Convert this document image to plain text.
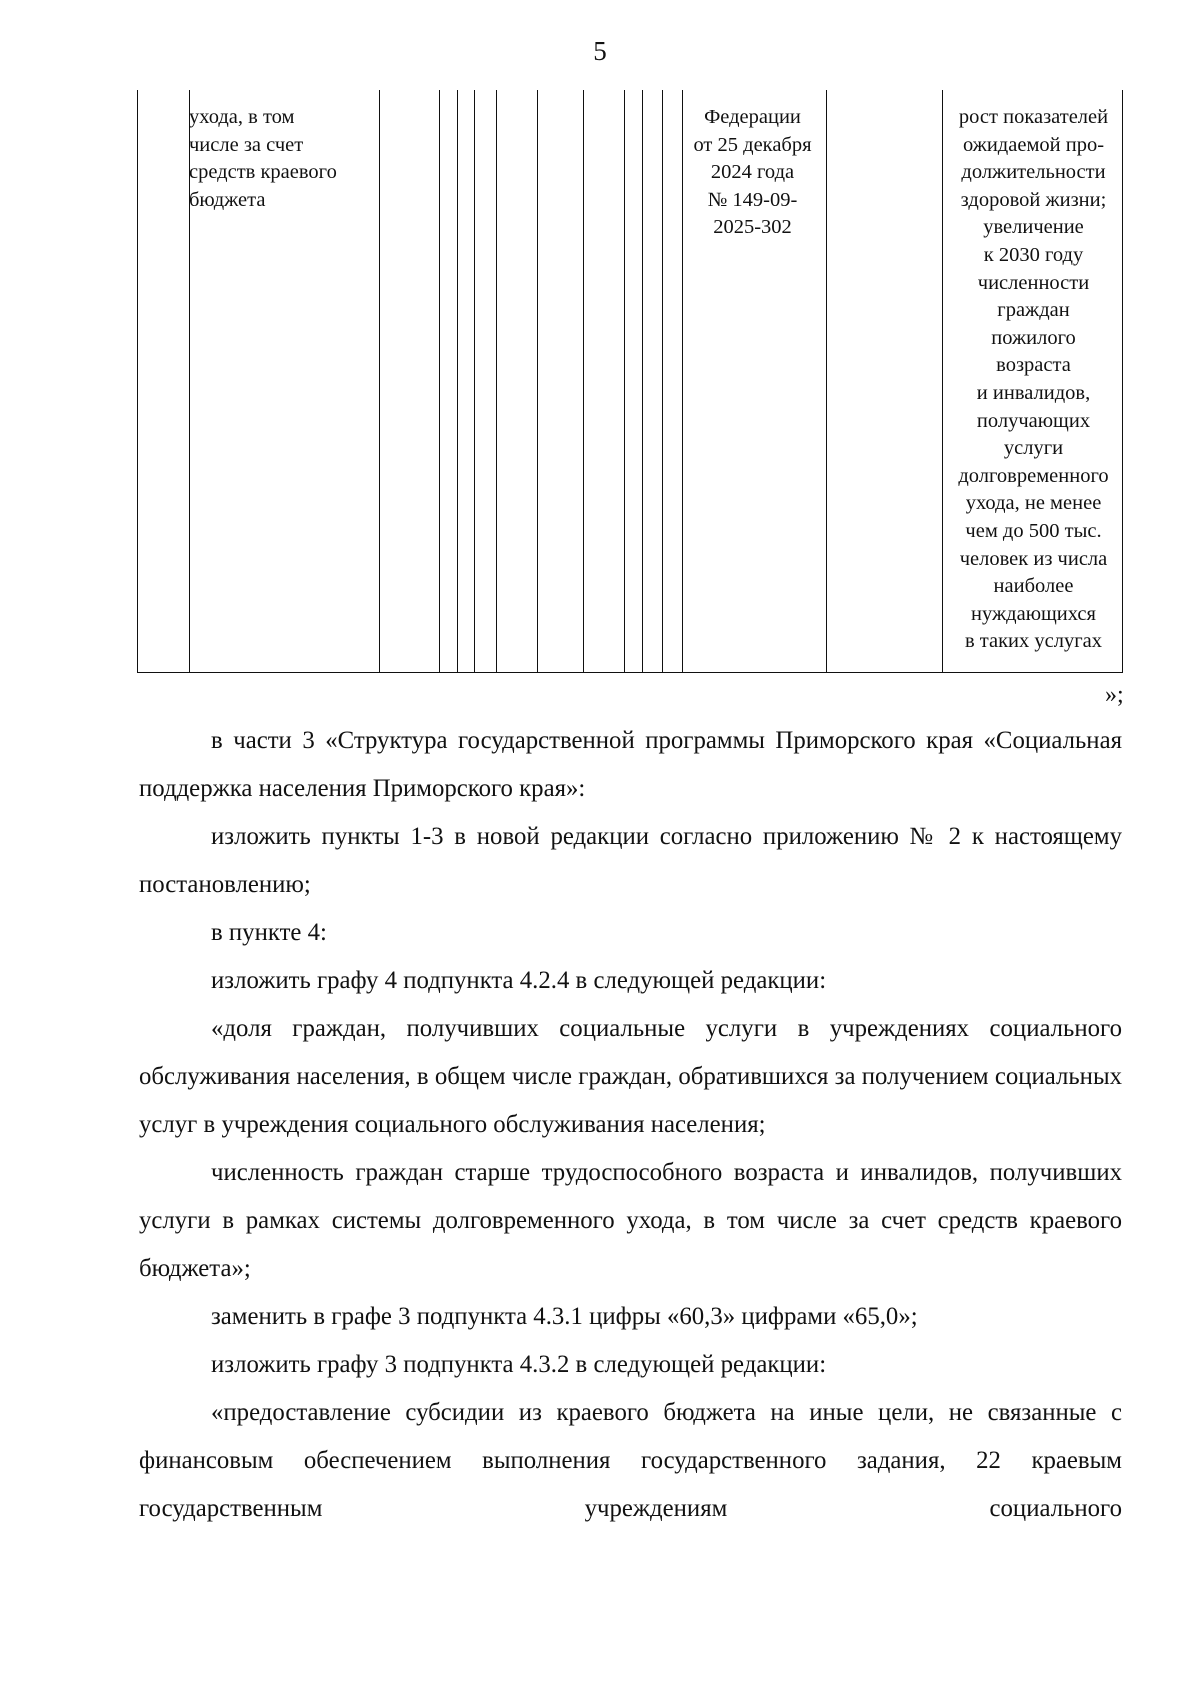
5
ухода, в том
числе за счет
средств краевого
бюджета
Федерации
от 25 декабря
2024 года
№ 149-09-
2025-302
рост показателей
ожидаемой про-
должительности
здоровой жизни;
увеличение
к 2030 году
численности
граждан
пожилого
возраста
и инвалидов,
получающих
услуги
долговременного
ухода, не менее
чем до 500 тыс.
человек из числа
наиболее
нуждающихся
в таких услугах
»;

в части 3 «Структура государственной программы Приморского края «Социальная поддержка населения Приморского края»:

изложить пункты 1-3 в новой редакции согласно приложению № 2 к настоящему постановлению;

в пункте 4:

изложить графу 4 подпункта 4.2.4 в следующей редакции:

«доля граждан, получивших социальные услуги в учреждениях социального обслуживания населения, в общем числе граждан, обратившихся за получением социальных услуг в учреждения социального обслуживания населения;

численность граждан старше трудоспособного возраста и инвалидов, получивших услуги в рамках системы долговременного ухода, в том числе за счет средств краевого бюджета»;

заменить в графе 3 подпункта 4.3.1 цифры «60,3» цифрами «65,0»;

изложить графу 3 подпункта 4.3.2 в следующей редакции:

«предоставление субсидии из краевого бюджета на иные цели, не связанные с финансовым обеспечением выполнения государственного задания, 22 краевым государственным учреждениям социального
